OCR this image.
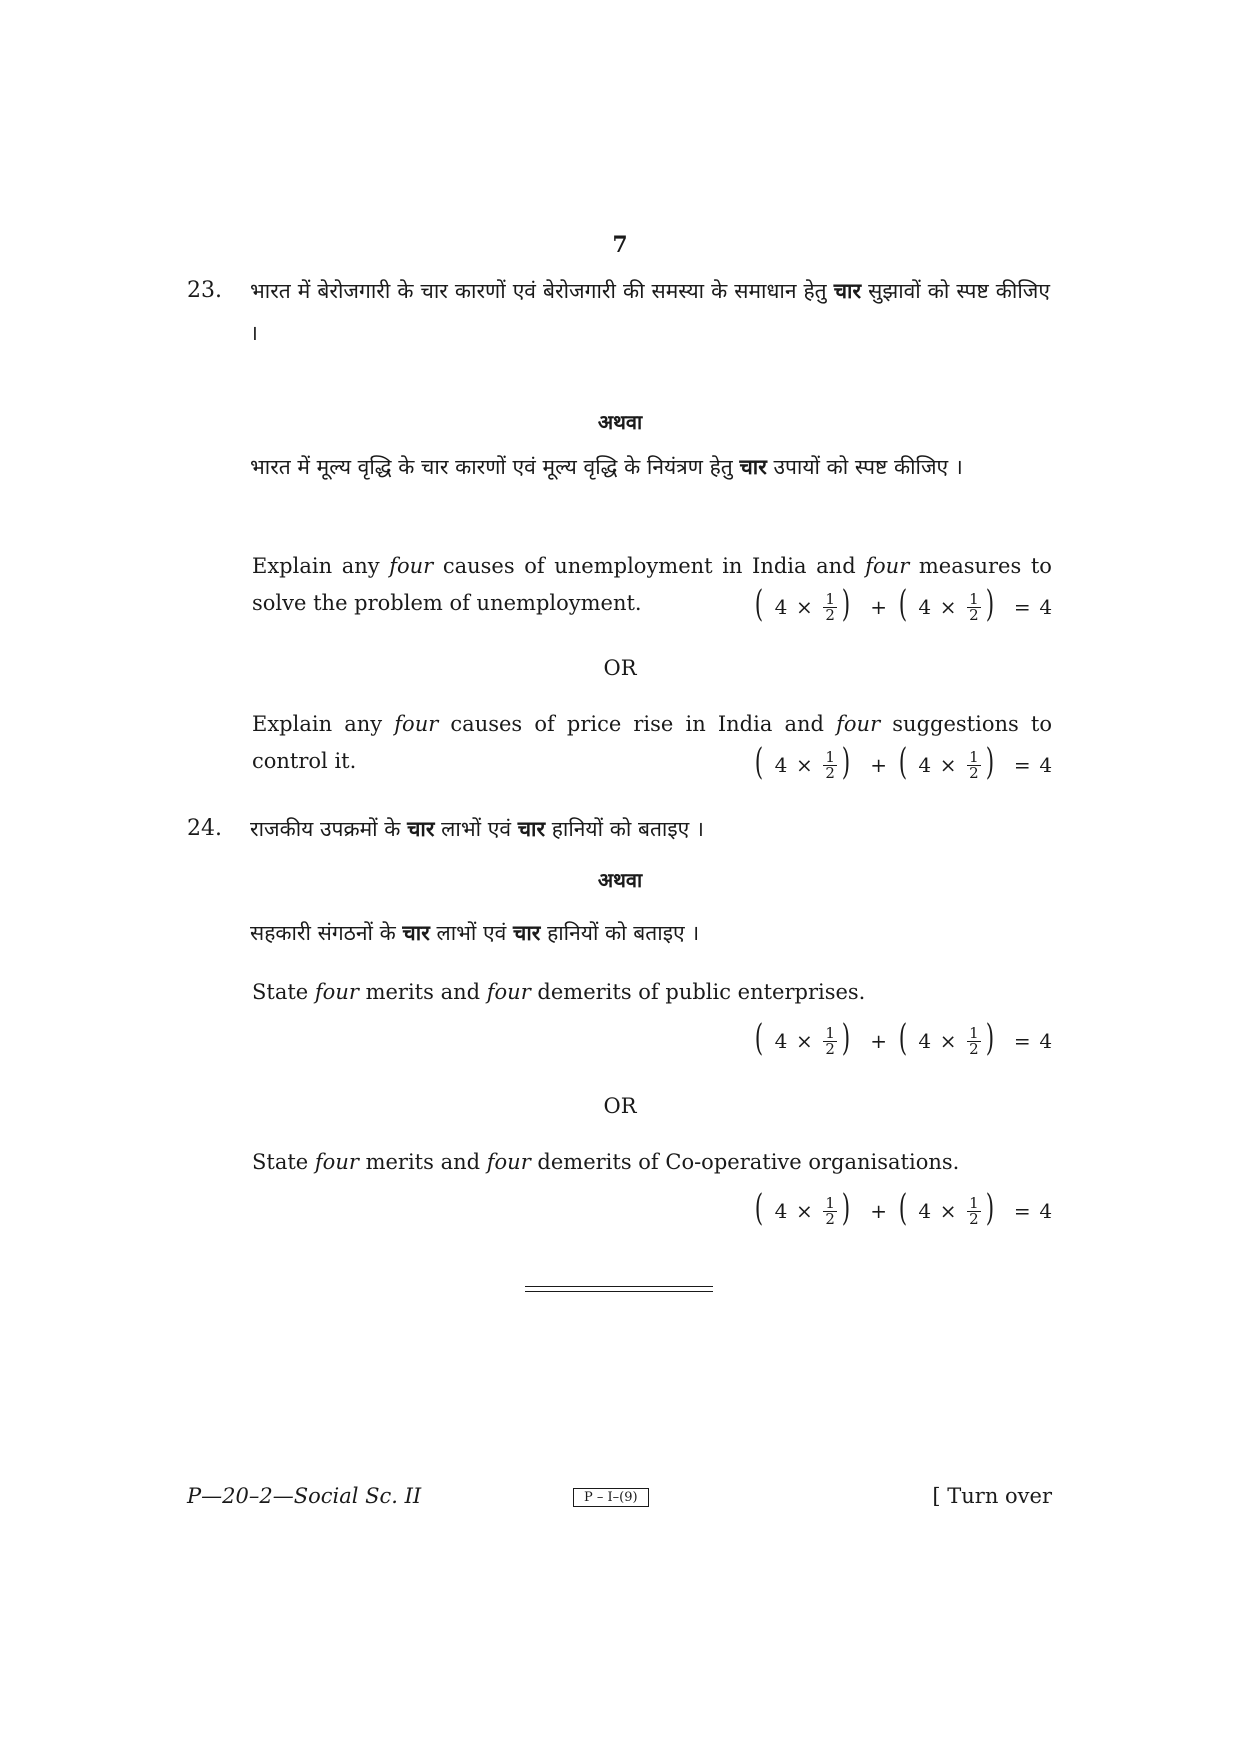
7
23. भारत में बेरोजगारी के चार कारणों एवं बेरोजगारी की समस्या के समाधान हेतु चार सुझावों को स्पष्ट कीजिए ।
अथवा
भारत में मूल्य वृद्धि के चार कारणों एवं मूल्य वृद्धि के नियंत्रण हेतु चार उपायों को स्पष्ट कीजिए ।
Explain any four causes of unemployment in India and four measures to solve the problem of unemployment.	( $4 \times \frac{1}{2}$ ) + ( $4 \times \frac{1}{2}$ ) = 4
OR
Explain any four causes of price rise in India and four suggestions to control it.	( $4 \times \frac{1}{2}$ ) + ( $4 \times \frac{1}{2}$ ) = 4
24. राजकीय उपक्रमों के चार लाभों एवं चार हानियों को बताइए ।
अथवा
सहकारी संगठनों के चार लाभों एवं चार हानियों को बताइए ।
State four merits and four demerits of public enterprises.
( $4 \times \frac{1}{2}$ ) + ( $4 \times \frac{1}{2}$ ) = 4
OR
State four merits and four demerits of Co-operative organisations.
( $4 \times \frac{1}{2}$ ) + ( $4 \times \frac{1}{2}$ ) = 4
P—20–2—Social Sc. II	P – I–(9)	[ Turn over
